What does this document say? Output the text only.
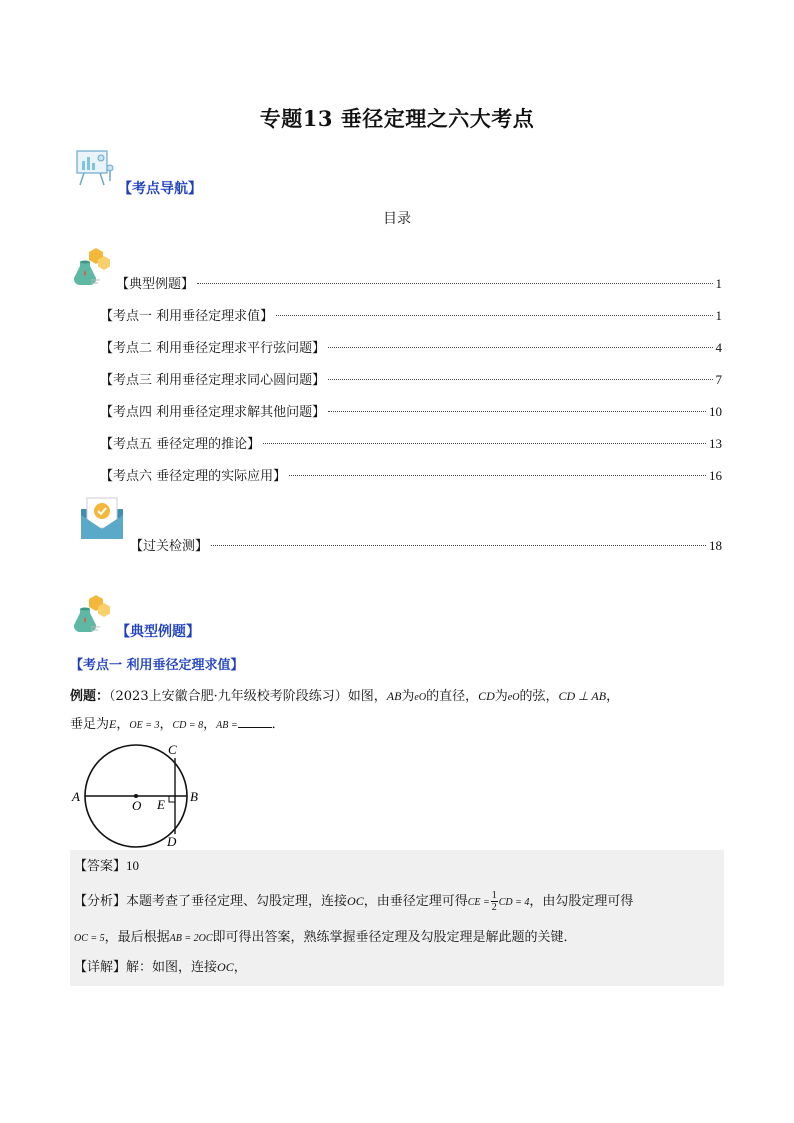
专题13 垂径定理之六大考点
【考点导航】
目录
【典型例题】	1
【考点一 利用垂径定理求值】	1
【考点二 利用垂径定理求平行弦问题】	4
【考点三 利用垂径定理求同心圆问题】	7
【考点四 利用垂径定理求解其他问题】	10
【考点五 垂径定理的推论】	13
【考点六 垂径定理的实际应用】	16
【过关检测】	18
【典型例题】
【考点一 利用垂径定理求值】
例题：（2023上安徽合肥·九年级校考阶段练习）如图，AB为eO的直径，CD为eO的弦，CD ⊥ AB，
垂足为E，OE = 3，CD = 8，AB =	．
A	B
C
D
E
O
【答案】10
【分析】本题考查了垂径定理、勾股定理，连接OC，由垂径定理可得CE = $\frac{1}{2}$ CD = 4，由勾股定理可得
OC = 5，最后根据AB = 2OC即可得出答案，熟练掌握垂径定理及勾股定理是解此题的关键．
【详解】解：如图，连接OC，
